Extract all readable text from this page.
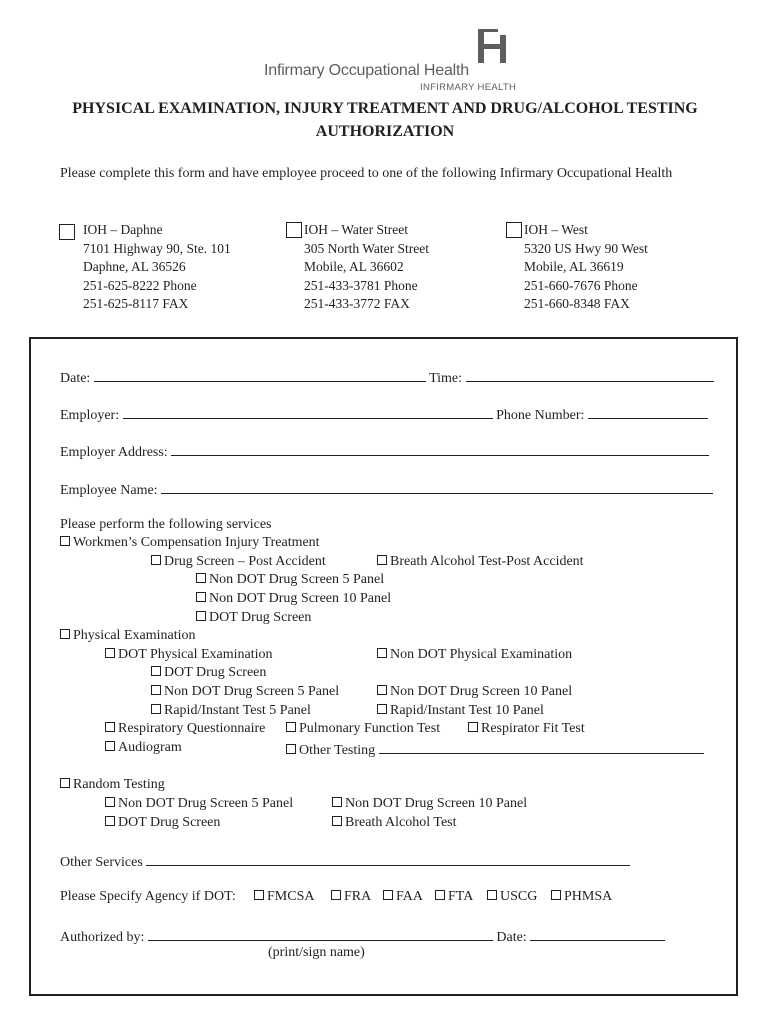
Infirmary Occupational Health
INFIRMARY HEALTH
PHYSICAL EXAMINATION, INJURY TREATMENT AND DRUG/ALCOHOL TESTING
AUTHORIZATION
Please complete this form and have employee proceed to one of the following Infirmary Occupational Health
IOH – Daphne
7101 Highway 90, Ste. 101
Daphne, AL 36526
251-625-8222 Phone
251-625-8117 FAX
IOH – Water Street
305 North Water Street
Mobile, AL 36602
251-433-3781 Phone
251-433-3772 FAX
IOH – West
5320 US Hwy 90 West
Mobile, AL 36619
251-660-7676 Phone
251-660-8348 FAX
Date:	Time:
Employer:	Phone Number:
Employer Address:
Employee Name:
Please perform the following services
Workmen’s Compensation Injury Treatment
Drug Screen – Post Accident	Breath Alcohol Test-Post Accident
Non DOT Drug Screen 5 Panel
Non DOT Drug Screen 10 Panel
DOT Drug Screen
Physical Examination
DOT Physical Examination	Non DOT Physical Examination
DOT Drug Screen
Non DOT Drug Screen 5 Panel	Non DOT Drug Screen 10 Panel
Rapid/Instant Test 5 Panel	Rapid/Instant Test 10 Panel
Respiratory Questionnaire	Pulmonary Function Test	Respirator Fit Test
Audiogram	Other Testing
Random Testing
Non DOT Drug Screen 5 Panel	Non DOT Drug Screen 10 Panel
DOT Drug Screen	Breath Alcohol Test
Other Services
Please Specify Agency if DOT:	FMCSA	FRA	FAA	FTA	USCG	PHMSA
Authorized by:	Date:
(print/sign name)
